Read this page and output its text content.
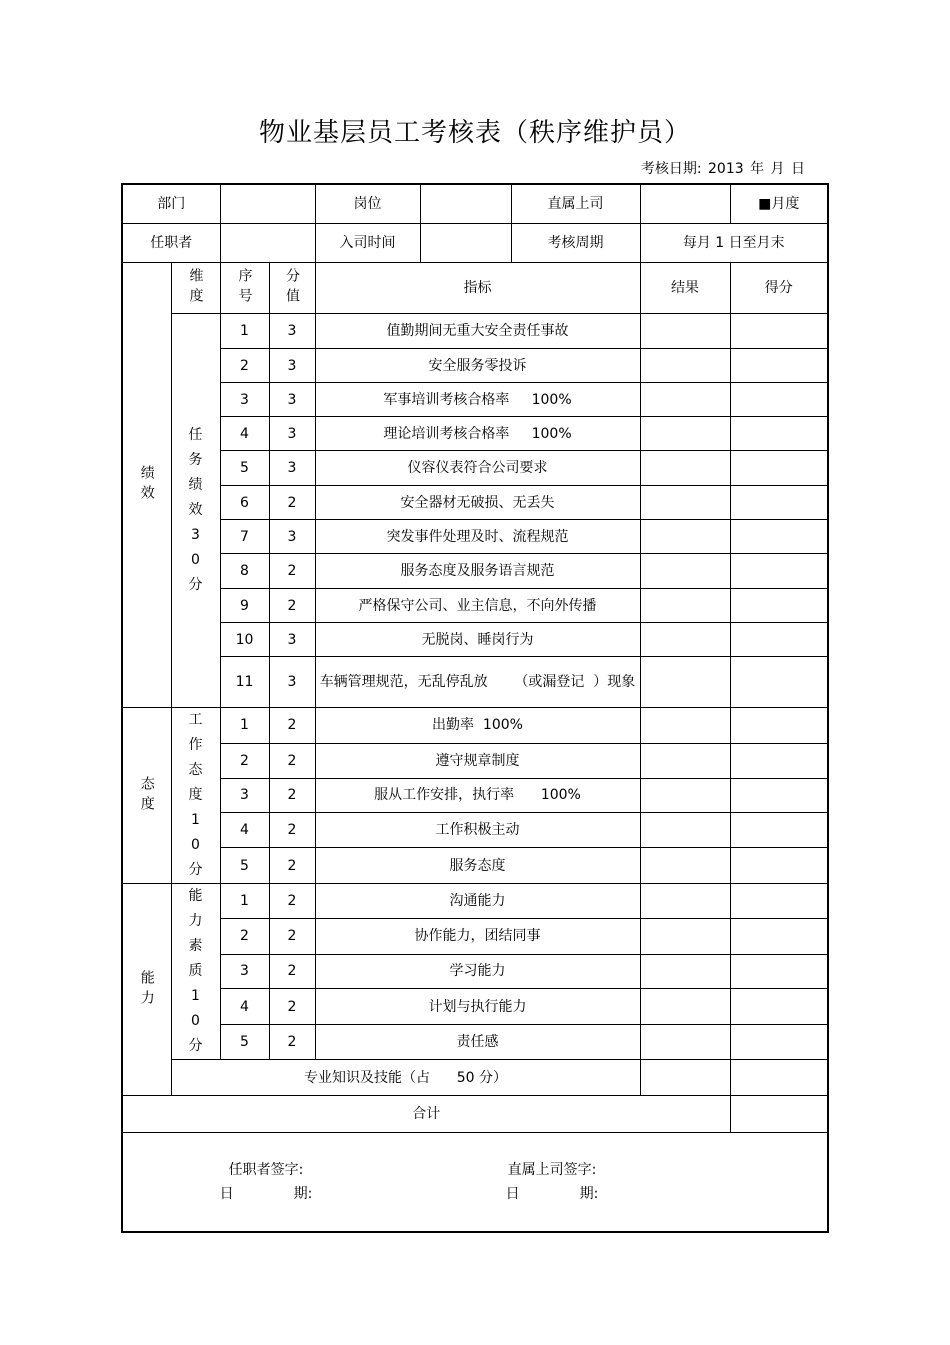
物业基层员工考核表（秩序维护员）
考核日期: 2013 年 月 日
部门				岗位 直属上司		■月度
任职者				入司时间 考核周期	每月 1 日至月末	
绩效	维度	序号	分值	指标	结果	得分

	任务绩效30分	1	3	值勤期间无重大安全责任事故		
		2	3	安全服务零投诉		
		3	3	军事培训考核合格率     100%		
		4	3	理论培训考核合格率     100%		
		5	3	仪容仪表符合公司要求		
		6	2	安全器材无破损、无丢失		
		7	3	突发事件处理及时、流程规范		
		8	2	服务态度及服务语言规范		
		9	2	严格保守公司、业主信息，不向外传播		
		10	3	无脱岗、睡岗行为		
		11	3	车辆管理规范，无乱停乱放      （或漏登记  ）现象		
态度	工作态度10分	1	2	出勤率  100%		
		2	2	遵守规章制度		
		3	2	服从工作安排，执行率      100%		
		4	2	工作积极主动		
		5	2	服务态度		
能力	能力素质10分	1	2	沟通能力		
		2	2	协作能力，团结同事		
		3	2	学习能力		
		4	2	计划与执行能力		
		5	2	责任感		
	专业知识及技能（占      50 分）					
合计						

任职者签字:
日 期:
直属上司签字:
日 期:						
